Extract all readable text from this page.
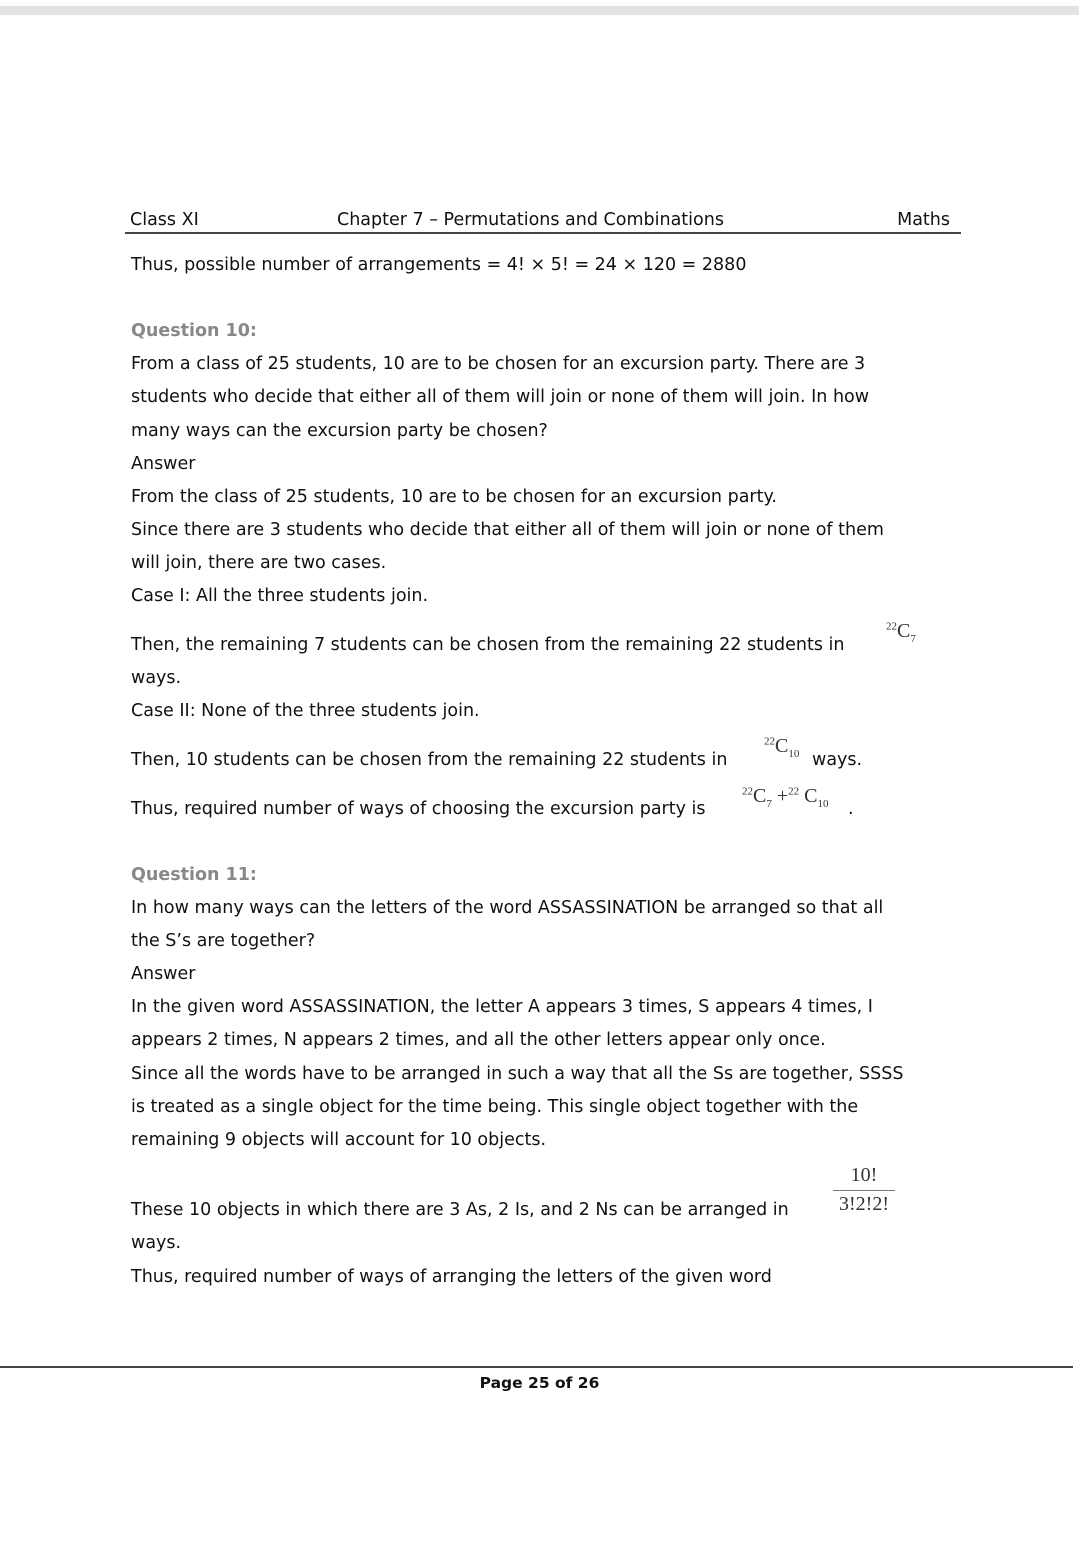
Class XI	Chapter 7 – Permutations and Combinations	Maths
Thus, possible number of arrangements = 4! × 5! = 24 × 120 = 2880
Question 10:
From a class of 25 students, 10 are to be chosen for an excursion party. There are 3
students who decide that either all of them will join or none of them will join. In how
many ways can the excursion party be chosen?
Answer
From the class of 25 students, 10 are to be chosen for an excursion party.
Since there are 3 students who decide that either all of them will join or none of them
will join, there are two cases.
Case I: All the three students join.
Then, the remaining 7 students can be chosen from the remaining 22 students in
$^{22}C_7$
ways.
Case II: None of the three students join.
Then, 10 students can be chosen from the remaining 22 students in
$^{22}C_{10}$ ways.
Thus, required number of ways of choosing the excursion party is
$^{22}C_7 +^{22}$ $C_{10}$ .
Question 11:
In how many ways can the letters of the word ASSASSINATION be arranged so that all
the S’s are together?
Answer
In the given word ASSASSINATION, the letter A appears 3 times, S appears 4 times, I
appears 2 times, N appears 2 times, and all the other letters appear only once.
Since all the words have to be arranged in such a way that all the Ss are together, SSSS
is treated as a single object for the time being. This single object together with the
remaining 9 objects will account for 10 objects.
These 10 objects in which there are 3 As, 2 Is, and 2 Ns can be arranged in $\frac{10!}{3!2!2!}$
ways.
Thus, required number of ways of arranging the letters of the given word
Page 25 of 26
